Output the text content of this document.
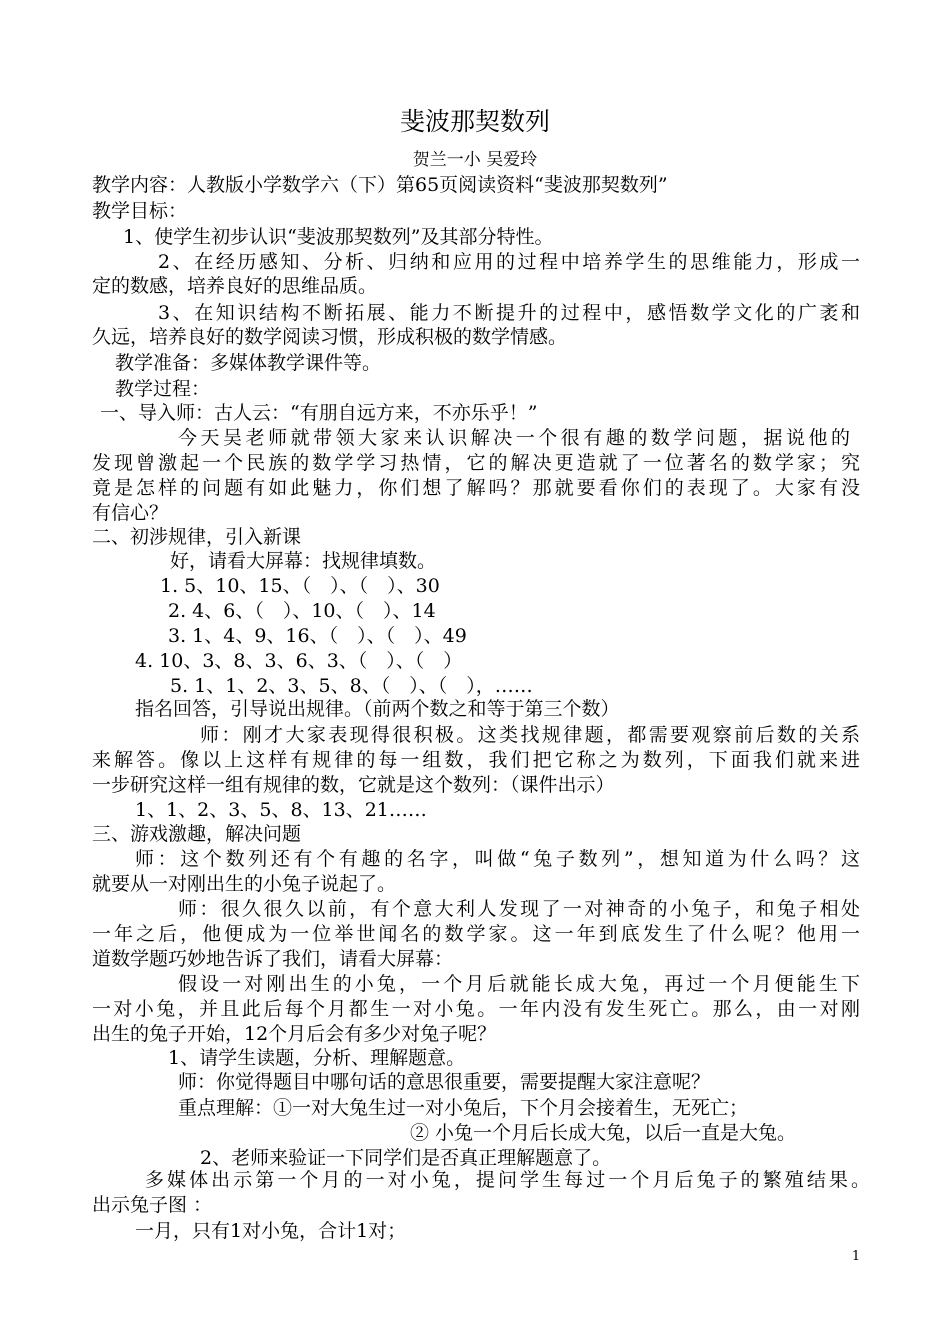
斐波那契数列
贺兰一小 吴爱玲
教学内容：人教版小学数学六（下）第65页阅读资料“斐波那契数列”
教学目标：
1、使学生初步认识“斐波那契数列”及其部分特性。
2、在经历感知、分析、归纳和应用的过程中培养学生的思维能力，形成一
定的数感，培养良好的思维品质。
3、在知识结构不断拓展、能力不断提升的过程中，感悟数学文化的广袤和
久远，培养良好的数学阅读习惯，形成积极的数学情感。
教学准备：多媒体教学课件等。
教学过程：
一、导入师：古人云：“有朋自远方来，不亦乐乎！”
今天吴老师就带领大家来认识解决一个很有趣的数学问题，据说他的
发现曾激起一个民族的数学学习热情，它的解决更造就了一位著名的数学家；究
竟是怎样的问题有如此魅力，你们想了解吗？那就要看你们的表现了。大家有没
有信心？
二、初涉规律，引入新课
好，请看大屏幕：找规律填数。
1. 5、10、15、（　）、（　）、30
2. 4、6、（　）、10、（　）、14
3. 1、4、9、16、（　）、（　）、49
4. 10、3、8、3、6、3、（　）、（　）
5. 1、1、2、3、5、8、（　）、（　），……
指名回答，引导说出规律。（前两个数之和等于第三个数）
师：刚才大家表现得很积极。这类找规律题，都需要观察前后数的关系
来解答。像以上这样有规律的每一组数，我们把它称之为数列，下面我们就来进
一步研究这样一组有规律的数，它就是这个数列：（课件出示）
1、1、2、3、5、8、13、21……
三、游戏激趣，解决问题
师：这个数列还有个有趣的名字，叫做“兔子数列”，想知道为什么吗？这
就要从一对刚出生的小兔子说起了。
师：很久很久以前，有个意大利人发现了一对神奇的小兔子，和兔子相处
一年之后，他便成为一位举世闻名的数学家。这一年到底发生了什么呢？他用一
道数学题巧妙地告诉了我们，请看大屏幕：
假设一对刚出生的小兔，一个月后就能长成大兔，再过一个月便能生下
一对小兔，并且此后每个月都生一对小兔。一年内没有发生死亡。那么，由一对刚
出生的兔子开始，12个月后会有多少对兔子呢？
1、请学生读题，分析、理解题意。
师：你觉得题目中哪句话的意思很重要，需要提醒大家注意呢？
重点理解：①一对大兔生过一对小兔后，下个月会接着生，无死亡；
② 小兔一个月后长成大兔，以后一直是大兔。
2、老师来验证一下同学们是否真正理解题意了。
多媒体出示第一个月的一对小兔，提问学生每过一个月后兔子的繁殖结果。
出示兔子图 ：
一月，只有1对小兔，合计1对；
1
